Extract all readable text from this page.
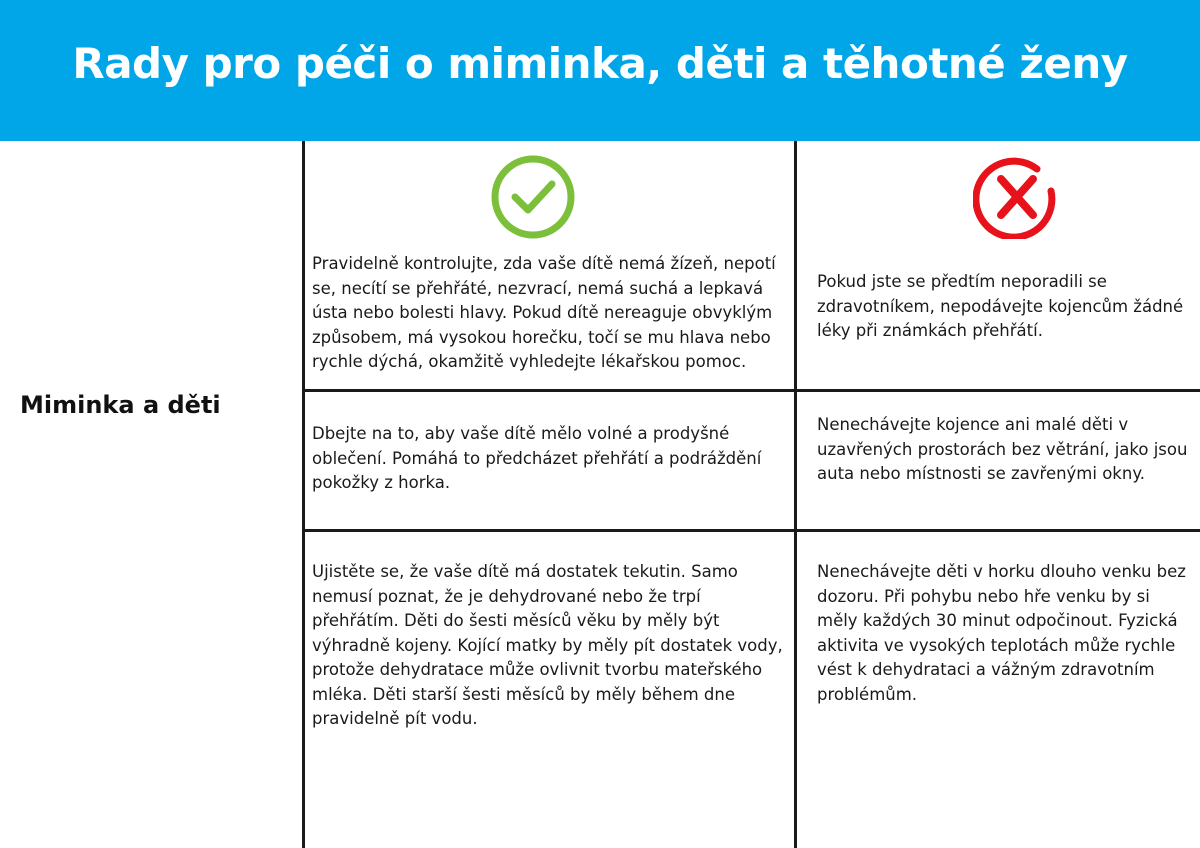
Rady pro péči o miminka, děti a těhotné ženy
Miminka a děti
Pravidelně kontrolujte, zda vaše dítě nemá žízeň, nepotí se, necítí se přehřáté, nezvrací, nemá suchá a lepkavá ústa nebo bolesti hlavy. Pokud dítě nereaguje obvyklým způsobem, má vysokou horečku, točí se mu hlava nebo rychle dýchá, okamžitě vyhledejte lékařskou pomoc.
Pokud jste se předtím neporadili se zdravotníkem, nepodávejte kojencům žádné léky při známkách přehřátí.
Dbejte na to, aby vaše dítě mělo volné a prodyšné oblečení. Pomáhá to předcházet přehřátí a podráždění pokožky z horka.
Nenechávejte kojence ani malé děti v uzavřených prostorách bez větrání, jako jsou auta nebo místnosti se zavřenými okny.
Ujistěte se, že vaše dítě má dostatek tekutin. Samo nemusí poznat, že je dehydrované nebo že trpí přehřátím. Děti do šesti měsíců věku by měly být výhradně kojeny. Kojící matky by měly pít dostatek vody, protože dehydratace může ovlivnit tvorbu mateřského mléka. Děti starší šesti měsíců by měly během dne pravidelně pít vodu.
Nenechávejte děti v horku dlouho venku bez dozoru. Při pohybu nebo hře venku by si měly každých 30 minut odpočinout. Fyzická aktivita ve vysokých teplotách může rychle vést k dehydrataci a vážným zdravotním problémům.
